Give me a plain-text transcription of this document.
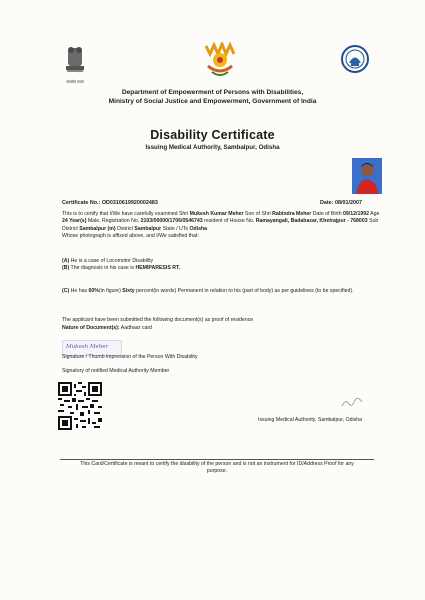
सत्यमेव जयते
Department of Empowerment of Persons with Disabilities,
Ministry of Social Justice and Empowerment, Government of India
Disability Certificate
Issuing Medical Authority, Sambalpur, Odisha
Certificate No.: OD0310619920002483	Date: 08/01/2007
This is to certify that I/We have carefully examined Shri Mukesh Kumar Meher Son of Shri Rabindra Meher Date of Birth 09/12/1992 Age 24 Year(s) Male, Registration No. 2103/00000/1706/0546743 resident of House No. Ramayangali, Badabazar, Khetrajpur - 768003 Sub District Sambalpur (m) District Sambalpur State / UTs Odisha
Whose photograph is affixed above, and I/We satisfied that:
(A) He is a case of Locomotor Disability
(B) The diagnosis in his case is HEMIPARESIS RT.
(C) He has 60%(in figure) Sixty percent(in words) Permanent in relation to his (part of body) as per guidelines (to be specified).
The applicant have been submitted the following document(s) as proof of residence
Nature of Document(s): Aadhaar card
Mukesh Meher
Signature / Thumb impression of the Person With Disability
Signatory of notified Medical Authority Member
Issuing Medical Authority, Sambalpur, Odisha
This Card/Certificate is meant to certify the disability of the person and is not an instrument for ID/Address Proof for any
purpose.
